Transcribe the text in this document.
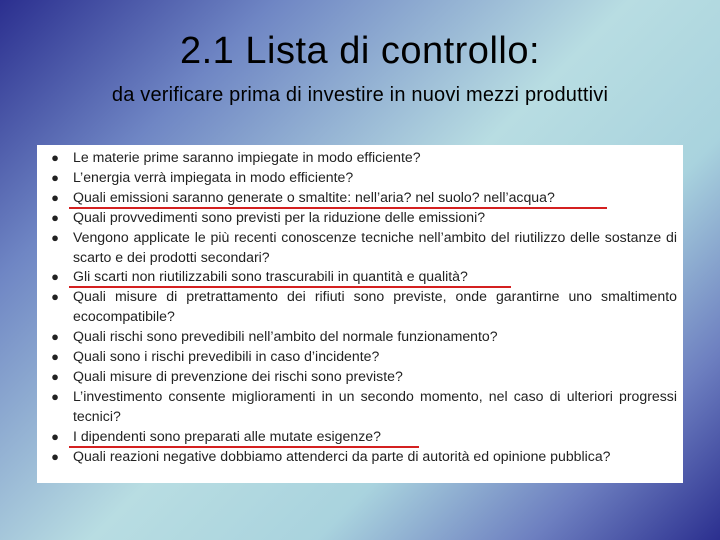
2.1 Lista di controllo:
da verificare prima di investire in nuovi mezzi produttivi
● Le materie prime saranno impiegate in modo efficiente?
● L’energia verrà impiegata in modo efficiente?
● Quali emissioni saranno generate o smaltite: nell’aria? nel suolo? nell’acqua?
● Quali provvedimenti sono previsti per la riduzione delle emissioni?
● Vengono applicate le più recenti conoscenze tecniche nell’ambito del riutilizzo delle sostanze di scarto e dei prodotti secondari?
● Gli scarti non riutilizzabili sono trascurabili in quantità e qualità?
● Quali misure di pretrattamento dei rifiuti sono previste, onde garantirne uno smaltimento ecocompatibile?
● Quali rischi sono prevedibili nell’ambito del normale funzionamento?
● Quali sono i rischi prevedibili in caso d’incidente?
● Quali misure di prevenzione dei rischi sono previste?
● L’investimento consente miglioramenti in un secondo momento, nel caso di ulteriori progressi tecnici?
● I dipendenti sono preparati alle mutate esigenze?
● Quali reazioni negative dobbiamo attenderci da parte di autorità ed opinione pubblica?
